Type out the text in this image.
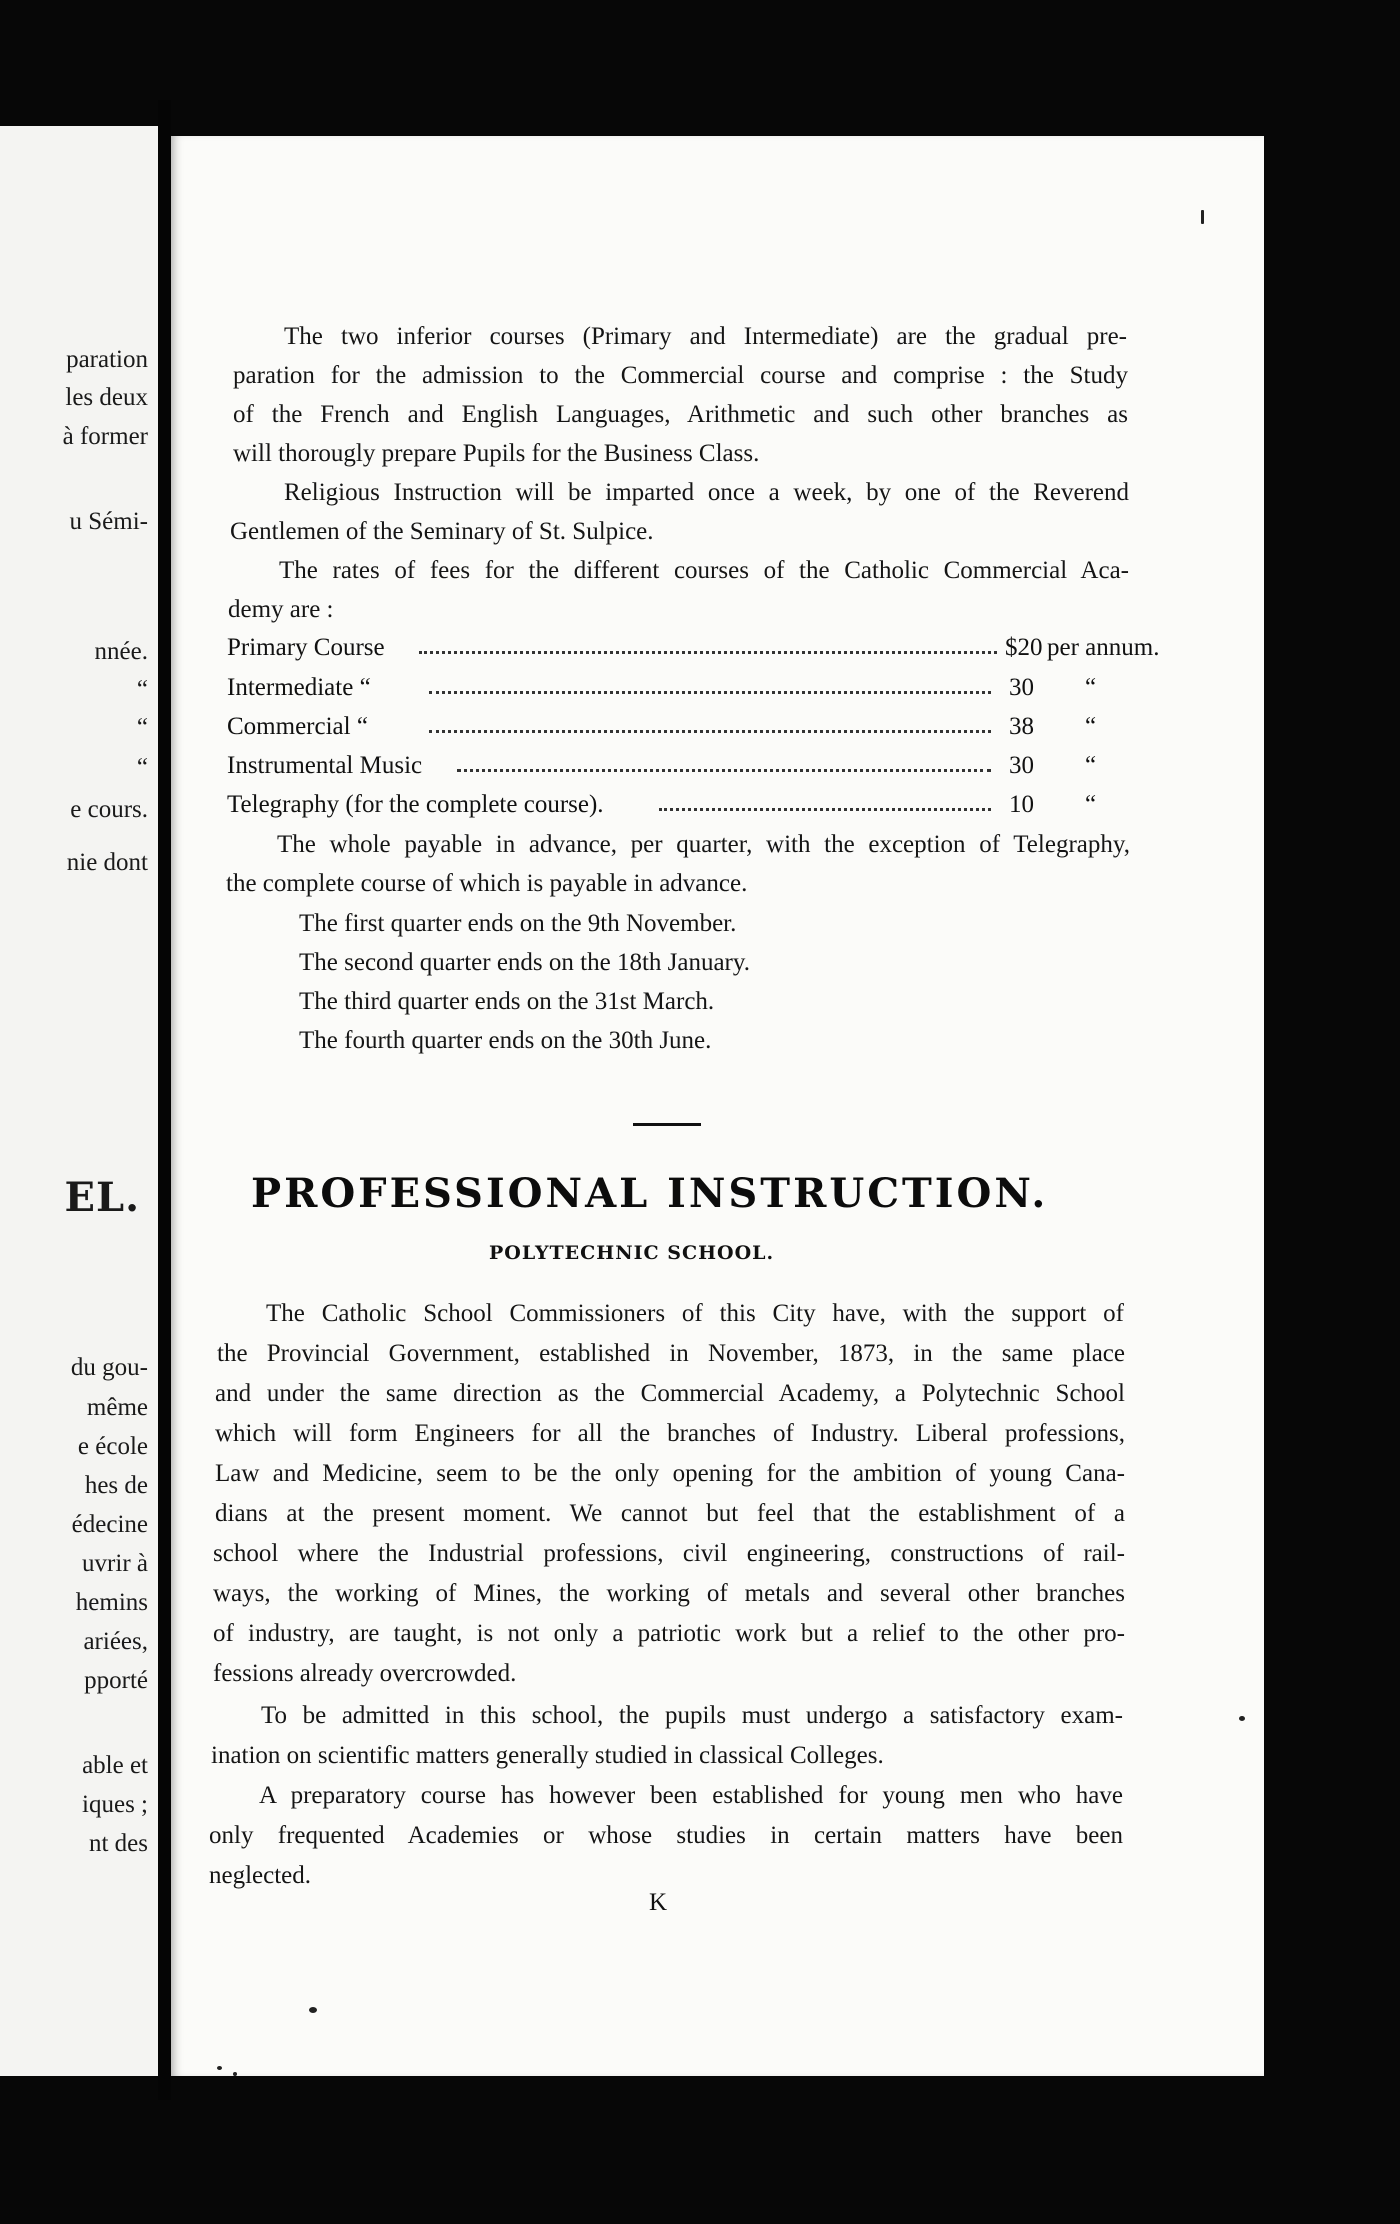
paration
les deux
à former
u Sémi-
nnée.
“
“
“
e cours.
nie dont
EL.
du gou-
même
e école
hes de
édecine
uvrir à
hemins
ariées,
pporté
able et
iques ;
nt des
The two inferior courses (Primary and Intermediate) are the gradual pre-
paration for the admission to the Commercial course and comprise : the Study
of the French and English Languages, Arithmetic and such other branches as
will thorougly prepare Pupils for the Business Class.
Religious Instruction will be imparted once a week, by one of the Reverend
Gentlemen of the Seminary of St. Sulpice.
The rates of fees for the different courses of the Catholic Commercial Aca-
demy are :
Primary Course	$20 per annum.
Intermediate “	30 “
Commercial “	38 “
Instrumental Music	30 “
Telegraphy (for the complete course).	10 “
The whole payable in advance, per quarter, with the exception of Telegraphy,
the complete course of which is payable in advance.
The first quarter ends on the 9th November.
The second quarter ends on the 18th January.
The third quarter ends on the 31st March.
The fourth quarter ends on the 30th June.
PROFESSIONAL INSTRUCTION.
POLYTECHNIC SCHOOL.
The Catholic School Commissioners of this City have, with the support of
the Provincial Government, established in November, 1873, in the same place
and under the same direction as the Commercial Academy, a Polytechnic School
which will form Engineers for all the branches of Industry. Liberal professions,
Law and Medicine, seem to be the only opening for the ambition of young Cana-
dians at the present moment. We cannot but feel that the establishment of a
school where the Industrial professions, civil engineering, constructions of rail-
ways, the working of Mines, the working of metals and several other branches
of industry, are taught, is not only a patriotic work but a relief to the other pro-
fessions already overcrowded.
To be admitted in this school, the pupils must undergo a satisfactory exam-
ination on scientific matters generally studied in classical Colleges.
A preparatory course has however been established for young men who have
only frequented Academies or whose studies in certain matters have been
neglected.
K
